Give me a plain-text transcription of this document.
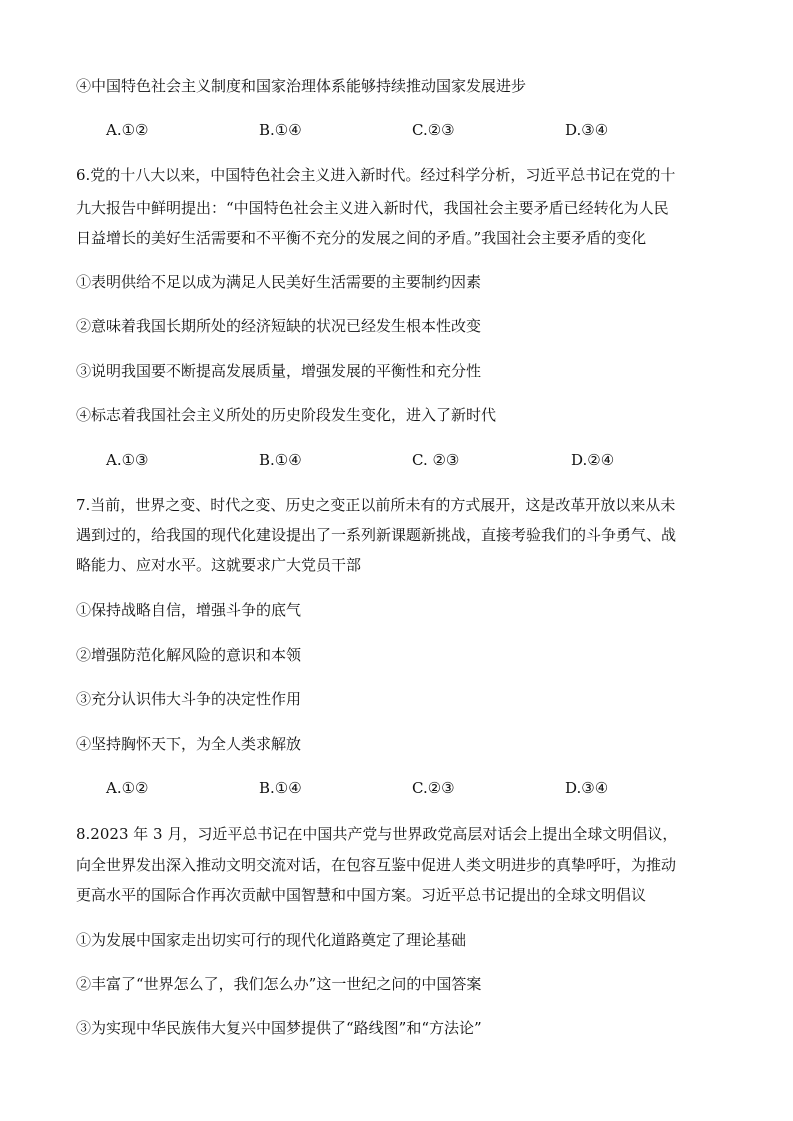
④中国特色社会主义制度和国家治理体系能够持续推动国家发展进步
A.①②	B.①④	C.②③	D.③④
6.党的十八大以来，中国特色社会主义进入新时代。经过科学分析，习近平总书记在党的十
九大报告中鲜明提出：“中国特色社会主义进入新时代，我国社会主要矛盾已经转化为人民
日益增长的美好生活需要和不平衡不充分的发展之间的矛盾。”我国社会主要矛盾的变化
①表明供给不足以成为满足人民美好生活需要的主要制约因素
②意味着我国长期所处的经济短缺的状况已经发生根本性改变
③说明我国要不断提高发展质量，增强发展的平衡性和充分性
④标志着我国社会主义所处的历史阶段发生变化，进入了新时代
A.①③	B.①④	C. ②③	D.②④
7.当前，世界之变、时代之变、历史之变正以前所未有的方式展开，这是改革开放以来从未
遇到过的，给我国的现代化建设提出了一系列新课题新挑战，直接考验我们的斗争勇气、战
略能力、应对水平。这就要求广大党员干部
①保持战略自信，增强斗争的底气
②增强防范化解风险的意识和本领
③充分认识伟大斗争的决定性作用
④坚持胸怀天下，为全人类求解放
A.①②	B.①④	C.②③	D.③④
8.2023 年 3 月，习近平总书记在中国共产党与世界政党高层对话会上提出全球文明倡议，
向全世界发出深入推动文明交流对话，在包容互鉴中促进人类文明进步的真挚呼吁，为推动
更高水平的国际合作再次贡献中国智慧和中国方案。习近平总书记提出的全球文明倡议
①为发展中国家走出切实可行的现代化道路奠定了理论基础
②丰富了“世界怎么了，我们怎么办”这一世纪之问的中国答案
③为实现中华民族伟大复兴中国梦提供了“路线图”和“方法论”
